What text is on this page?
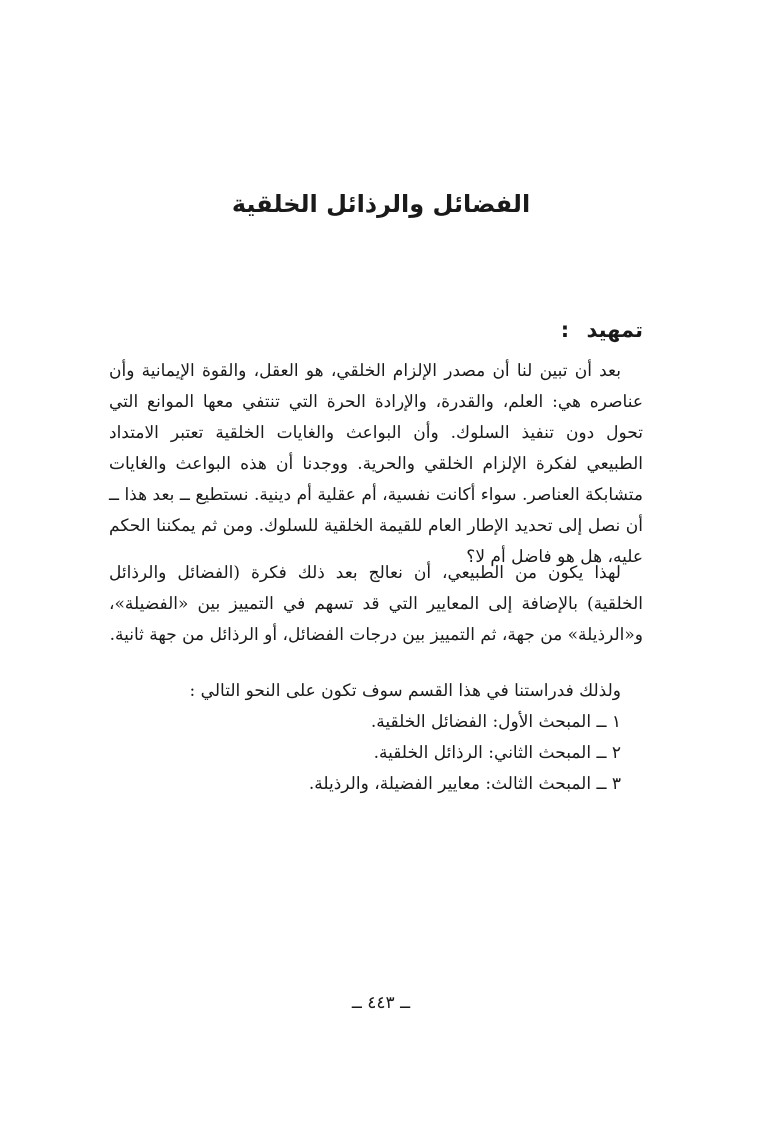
الفضائل والرذائل الخلقية
تمهيد :

بعد أن تبين لنا أن مصدر الإلزام الخلقي، هو العقل، والقوة الإيمانية وأن عناصره هي: العلم، والقدرة، والإرادة الحرة التي تنتفي معها الموانع التي تحول دون تنفيذ السلوك. وأن البواعث والغايات الخلقية تعتبر الامتداد الطبيعي لفكرة الإلزام الخلقي والحرية. ووجدنا أن هذه البواعث والغايات متشابكة العناصر. سواء أكانت نفسية، أم عقلية أم دينية. نستطيع ــ بعد هذا ــ أن نصل إلى تحديد الإطار العام للقيمة الخلقية للسلوك. ومن ثم يمكننا الحكم عليه، هل هو فاضل أم لا؟

لهذا يكون من الطبيعي، أن نعالج بعد ذلك فكرة (الفضائل والرذائل الخلقية) بالإضافة إلى المعايير التي قد تسهم في التمييز بين «الفضيلة»، و«الرذيلة» من جهة، ثم التمييز بين درجات الفضائل، أو الرذائل من جهة ثانية.

ولذلك فدراستنا في هذا القسم سوف تكون على النحو التالي :

١ ــ المبحث الأول: الفضائل الخلقية.
٢ ــ المبحث الثاني: الرذائل الخلقية.
٣ ــ المبحث الثالث: معايير الفضيلة، والرذيلة.
ــ ٤٤٣ ــ
